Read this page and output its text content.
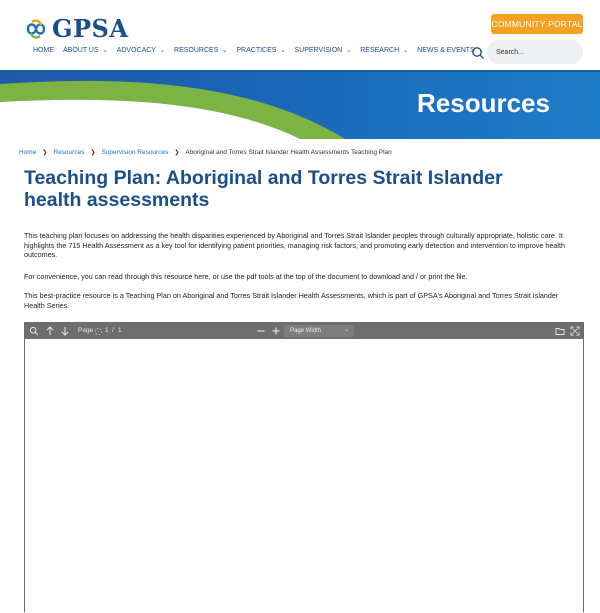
GPSA	COMMUNITY PORTAL
HOME ABOUT US ⌄ ADVOCACY ⌄ RESOURCES ⌄ PRACTICES ⌄ SUPERVISION ⌄ RESEARCH ⌄ NEWS & EVENTS ⌄	Search...
Resources
Home ❯ Resources ❯ Supervision Resources ❯ Aboriginal and Torres Strait Islander Health Assessments Teaching Plan
Teaching Plan: Aboriginal and Torres Strait Islander health assessments

This teaching plan focuses on addressing the health disparities experienced by Aboriginal and Torres Strait Islander peoples through culturally appropriate, holistic care. It highlights the 715 Health Assessment as a key tool for identifying patient priorities, managing risk factors, and promoting early detection and intervention to improve health outcomes.

For convenience, you can read through this resource here, or use the pdf tools at the top of the document to download and / or print the file.

This best-practice resource is a Teaching Plan on Aboriginal and Torres Strait Islander Health Assessments, which is part of GPSA's Aboriginal and Torres Strait Islander Health Series.

Page 1 / 1	Page Width	⌄
